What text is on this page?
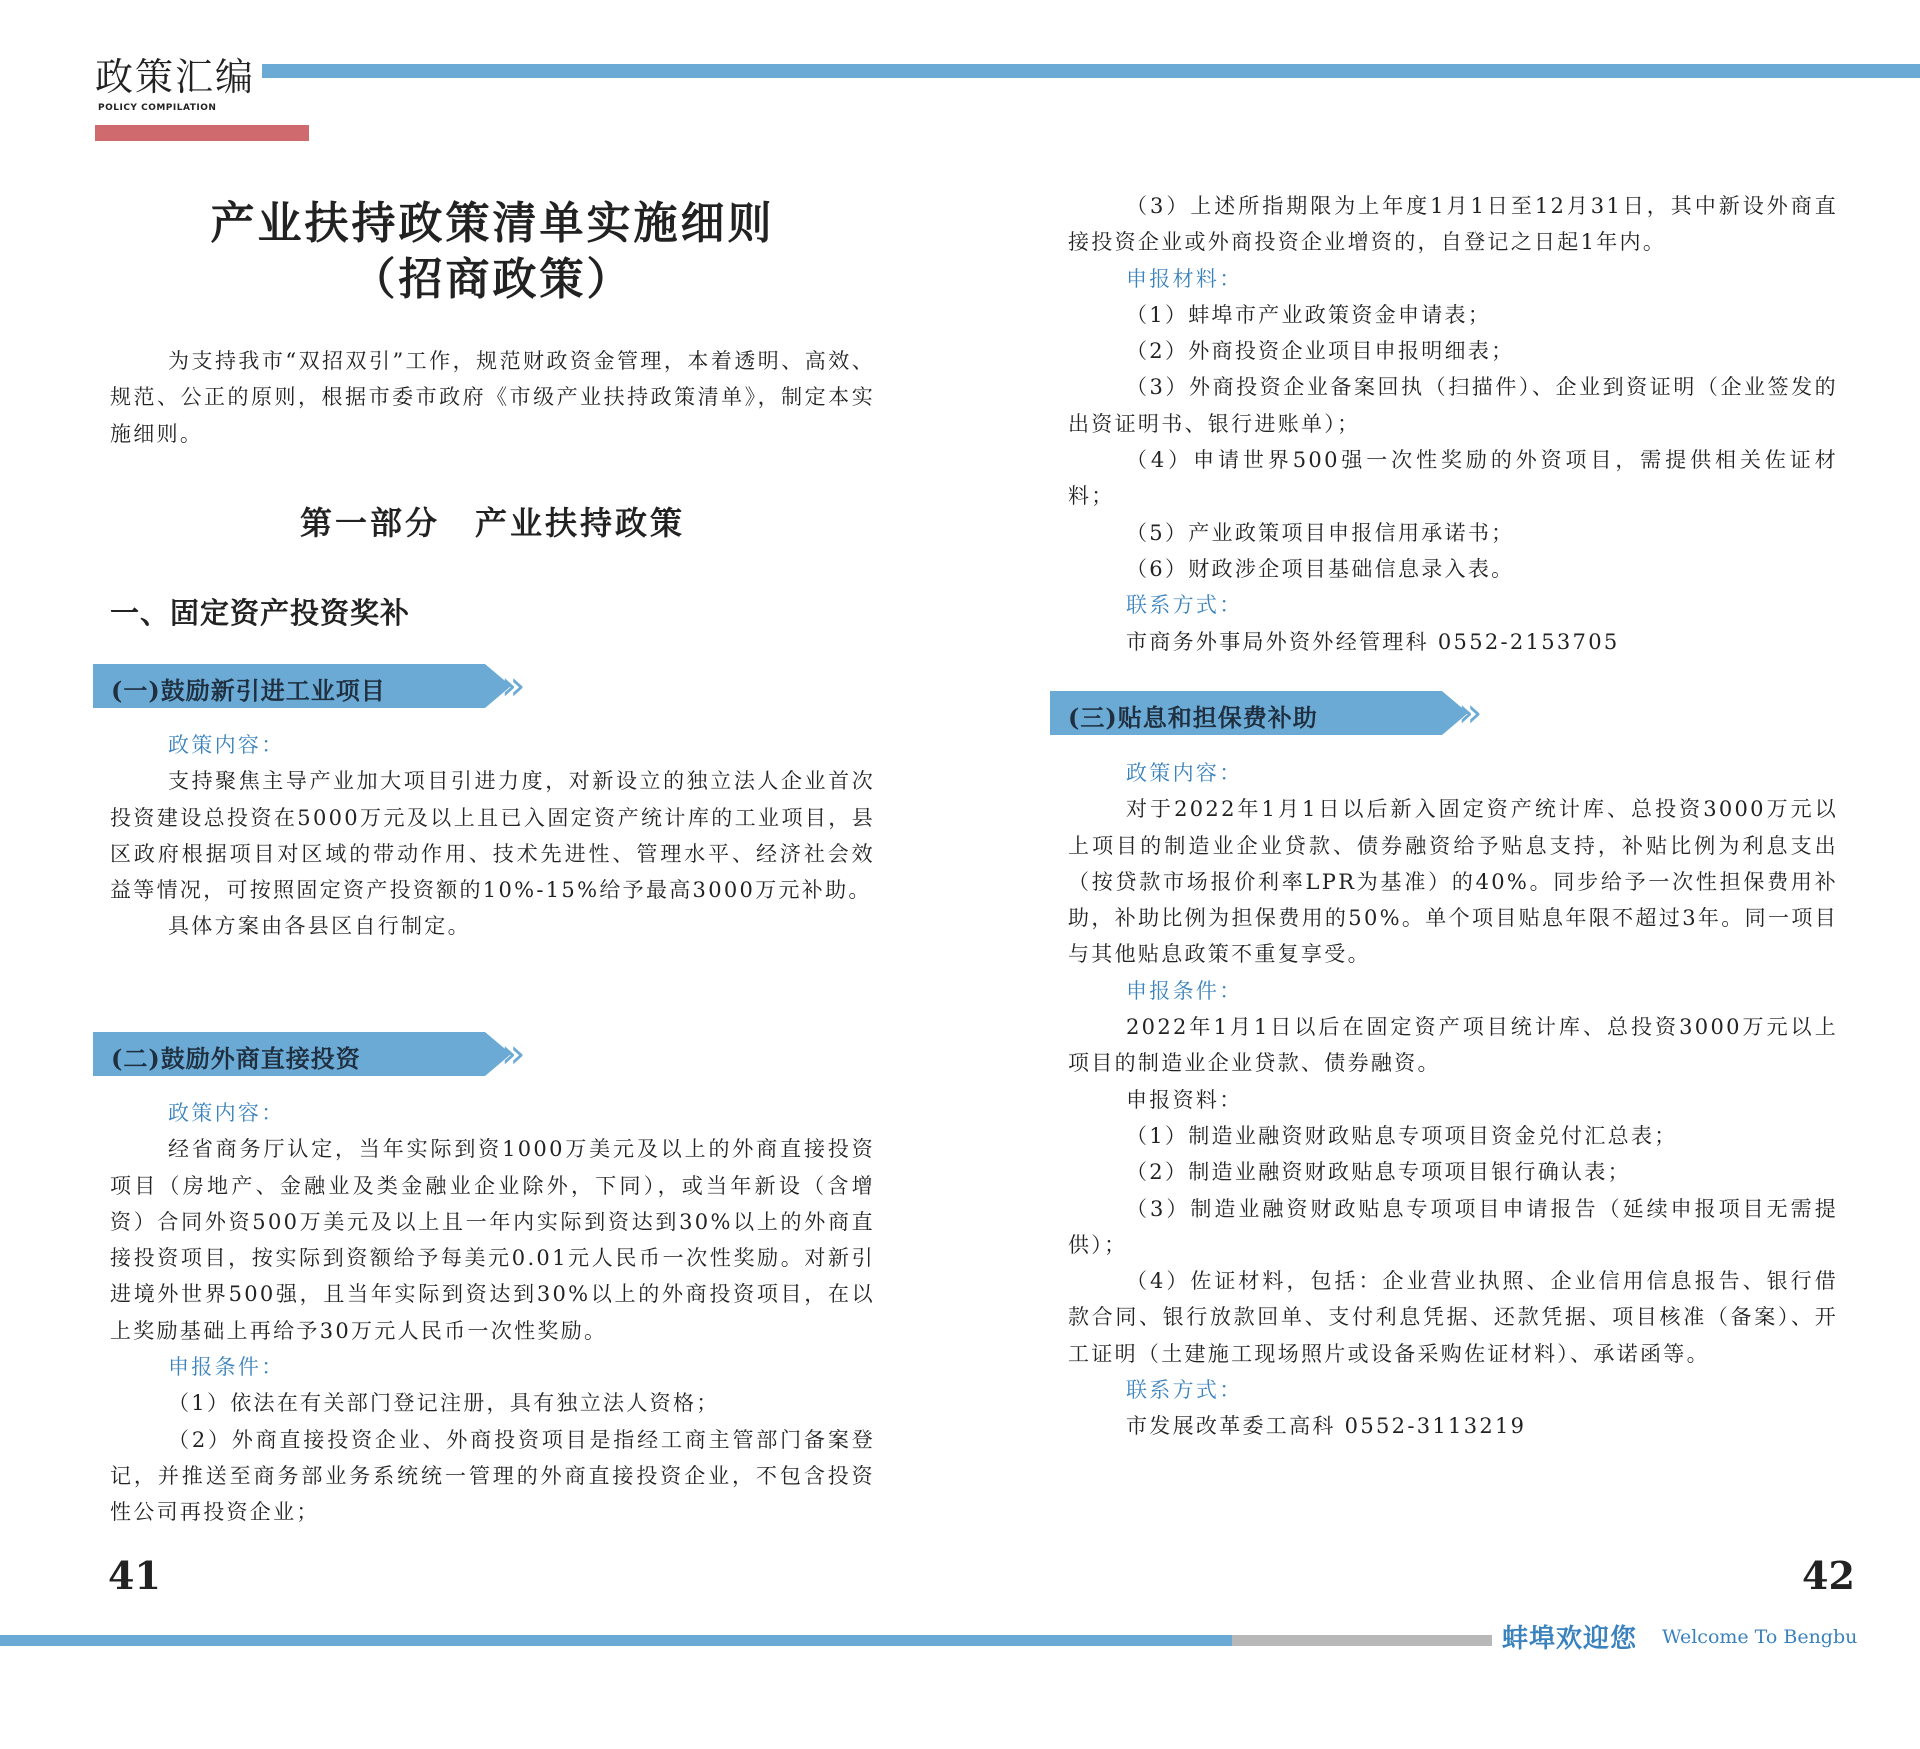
政策汇编
POLICY COMPILATION
产业扶持政策清单实施细则
（招商政策）

为支持我市“双招双引”工作，规范财政资金管理，本着透明、高效、规范、公正的原则，根据市委市政府《市级产业扶持政策清单》，制定本实施细则。

第一部分　产业扶持政策
一、固定资产投资奖补
»
(一)鼓励新引进工业项目

政策内容：

支持聚焦主导产业加大项目引进力度，对新设立的独立法人企业首次投资建设总投资在5000万元及以上且已入固定资产统计库的工业项目，县区政府根据项目对区域的带动作用、技术先进性、管理水平、经济社会效益等情况，可按照固定资产投资额的10%-15%给予最高3000万元补助。

具体方案由各县区自行制定。

»
(二)鼓励外商直接投资

政策内容：

经省商务厅认定，当年实际到资1000万美元及以上的外商直接投资项目（房地产、金融业及类金融业企业除外，下同），或当年新设（含增资）合同外资500万美元及以上且一年内实际到资达到30%以上的外商直接投资项目，按实际到资额给予每美元0.01元人民币一次性奖励。对新引进境外世界500强，且当年实际到资达到30%以上的外商投资项目，在以上奖励基础上再给予30万元人民币一次性奖励。

申报条件：

（1）依法在有关部门登记注册，具有独立法人资格；

（2）外商直接投资企业、外商投资项目是指经工商主管部门备案登记，并推送至商务部业务系统统一管理的外商直接投资企业，不包含投资性公司再投资企业；

41

（3）上述所指期限为上年度1月1日至12月31日，其中新设外商直接投资企业或外商投资企业增资的，自登记之日起1年内。

申报材料：

（1）蚌埠市产业政策资金申请表；

（2）外商投资企业项目申报明细表；

（3）外商投资企业备案回执（扫描件）、企业到资证明（企业签发的出资证明书、银行进账单）；

（4）申请世界500强一次性奖励的外资项目，需提供相关佐证材料；

（5）产业政策项目申报信用承诺书；

（6）财政涉企项目基础信息录入表。

联系方式：

市商务外事局外资外经管理科 0552-2153705

»
(三)贴息和担保费补助

政策内容：

对于2022年1月1日以后新入固定资产统计库、总投资3000万元以上项目的制造业企业贷款、债券融资给予贴息支持，补贴比例为利息支出（按贷款市场报价利率LPR为基准）的40%。同步给予一次性担保费用补助，补助比例为担保费用的50%。单个项目贴息年限不超过3年。同一项目与其他贴息政策不重复享受。

申报条件：

2022年1月1日以后在固定资产项目统计库、总投资3000万元以上项目的制造业企业贷款、债券融资。

申报资料：

（1）制造业融资财政贴息专项项目资金兑付汇总表；

（2）制造业融资财政贴息专项项目银行确认表；

（3）制造业融资财政贴息专项项目申请报告（延续申报项目无需提供）；

（4）佐证材料，包括：企业营业执照、企业信用信息报告、银行借款合同、银行放款回单、支付利息凭据、还款凭据、项目核准（备案）、开工证明（土建施工现场照片或设备采购佐证材料）、承诺函等。

联系方式：

市发展改革委工高科 0552-3113219

42
蚌埠欢迎您 Welcome To Bengbu
